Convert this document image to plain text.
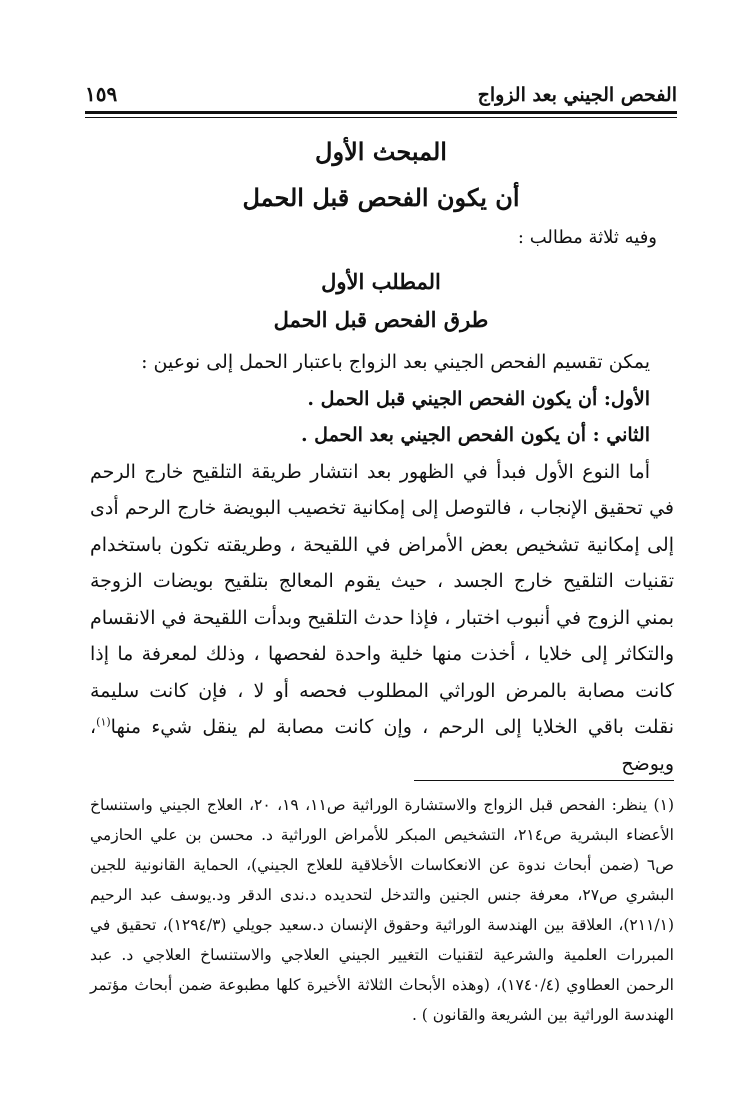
١٥٩	الفحص الجيني بعد الزواج
المبحث الأول
أن يكون الفحص قبل الحمل
وفيه ثلاثة مطالب :
المطلب الأول
طرق الفحص قبل الحمل

يمكن تقسيم الفحص الجيني بعد الزواج باعتبار الحمل إلى نوعين :

الأول: أن يكون الفحص الجيني قبل الحمل .

الثاني : أن يكون الفحص الجيني بعد الحمل .

أما النوع الأول فبدأ في الظهور بعد انتشار طريقة التلقيح خارج الرحم في تحقيق الإنجاب ، فالتوصل إلى إمكانية تخصيب البويضة خارج الرحم أدى إلى إمكانية تشخيص بعض الأمراض في اللقيحة ، وطريقته تكون باستخدام تقنيات التلقيح خارج الجسد ، حيث يقوم المعالج بتلقيح بويضات الزوجة بمني الزوج في أنبوب اختبار ، فإذا حدث التلقيح وبدأت اللقيحة في الانقسام والتكاثر إلى خلايا ، أخذت منها خلية واحدة لفحصها ، وذلك لمعرفة ما إذا كانت مصابة بالمرض الوراثي المطلوب فحصه أو لا ، فإن كانت سليمة نقلت باقي الخلايا إلى الرحم ، وإن كانت مصابة لم ينقل شيء منها$^{(١)}$، ويوضح

(١) ينظر: الفحص قبل الزواج والاستشارة الوراثية ص١١، ١٩، ٢٠، العلاج الجيني واستنساخ الأعضاء البشرية ص٢١٤، التشخيص المبكر للأمراض الوراثية د. محسن بن علي الحازمي ص٦ (ضمن أبحاث ندوة عن الانعكاسات الأخلاقية للعلاج الجيني)، الحماية القانونية للجين البشري ص٢٧، معرفة جنس الجنين والتدخل لتحديده د.ندى الدقر ود.يوسف عبد الرحيم (٢١١/١)، العلاقة بين الهندسة الوراثية وحقوق الإنسان د.سعيد جويلي (١٢٩٤/٣)، تحقيق في المبررات العلمية والشرعية لتقنيات التغيير الجيني العلاجي والاستنساخ العلاجي د. عبد الرحمن العطاوي (١٧٤٠/٤)، (وهذه الأبحاث الثلاثة الأخيرة كلها مطبوعة ضمن أبحاث مؤتمر الهندسة الوراثية بين الشريعة والقانون ) .
